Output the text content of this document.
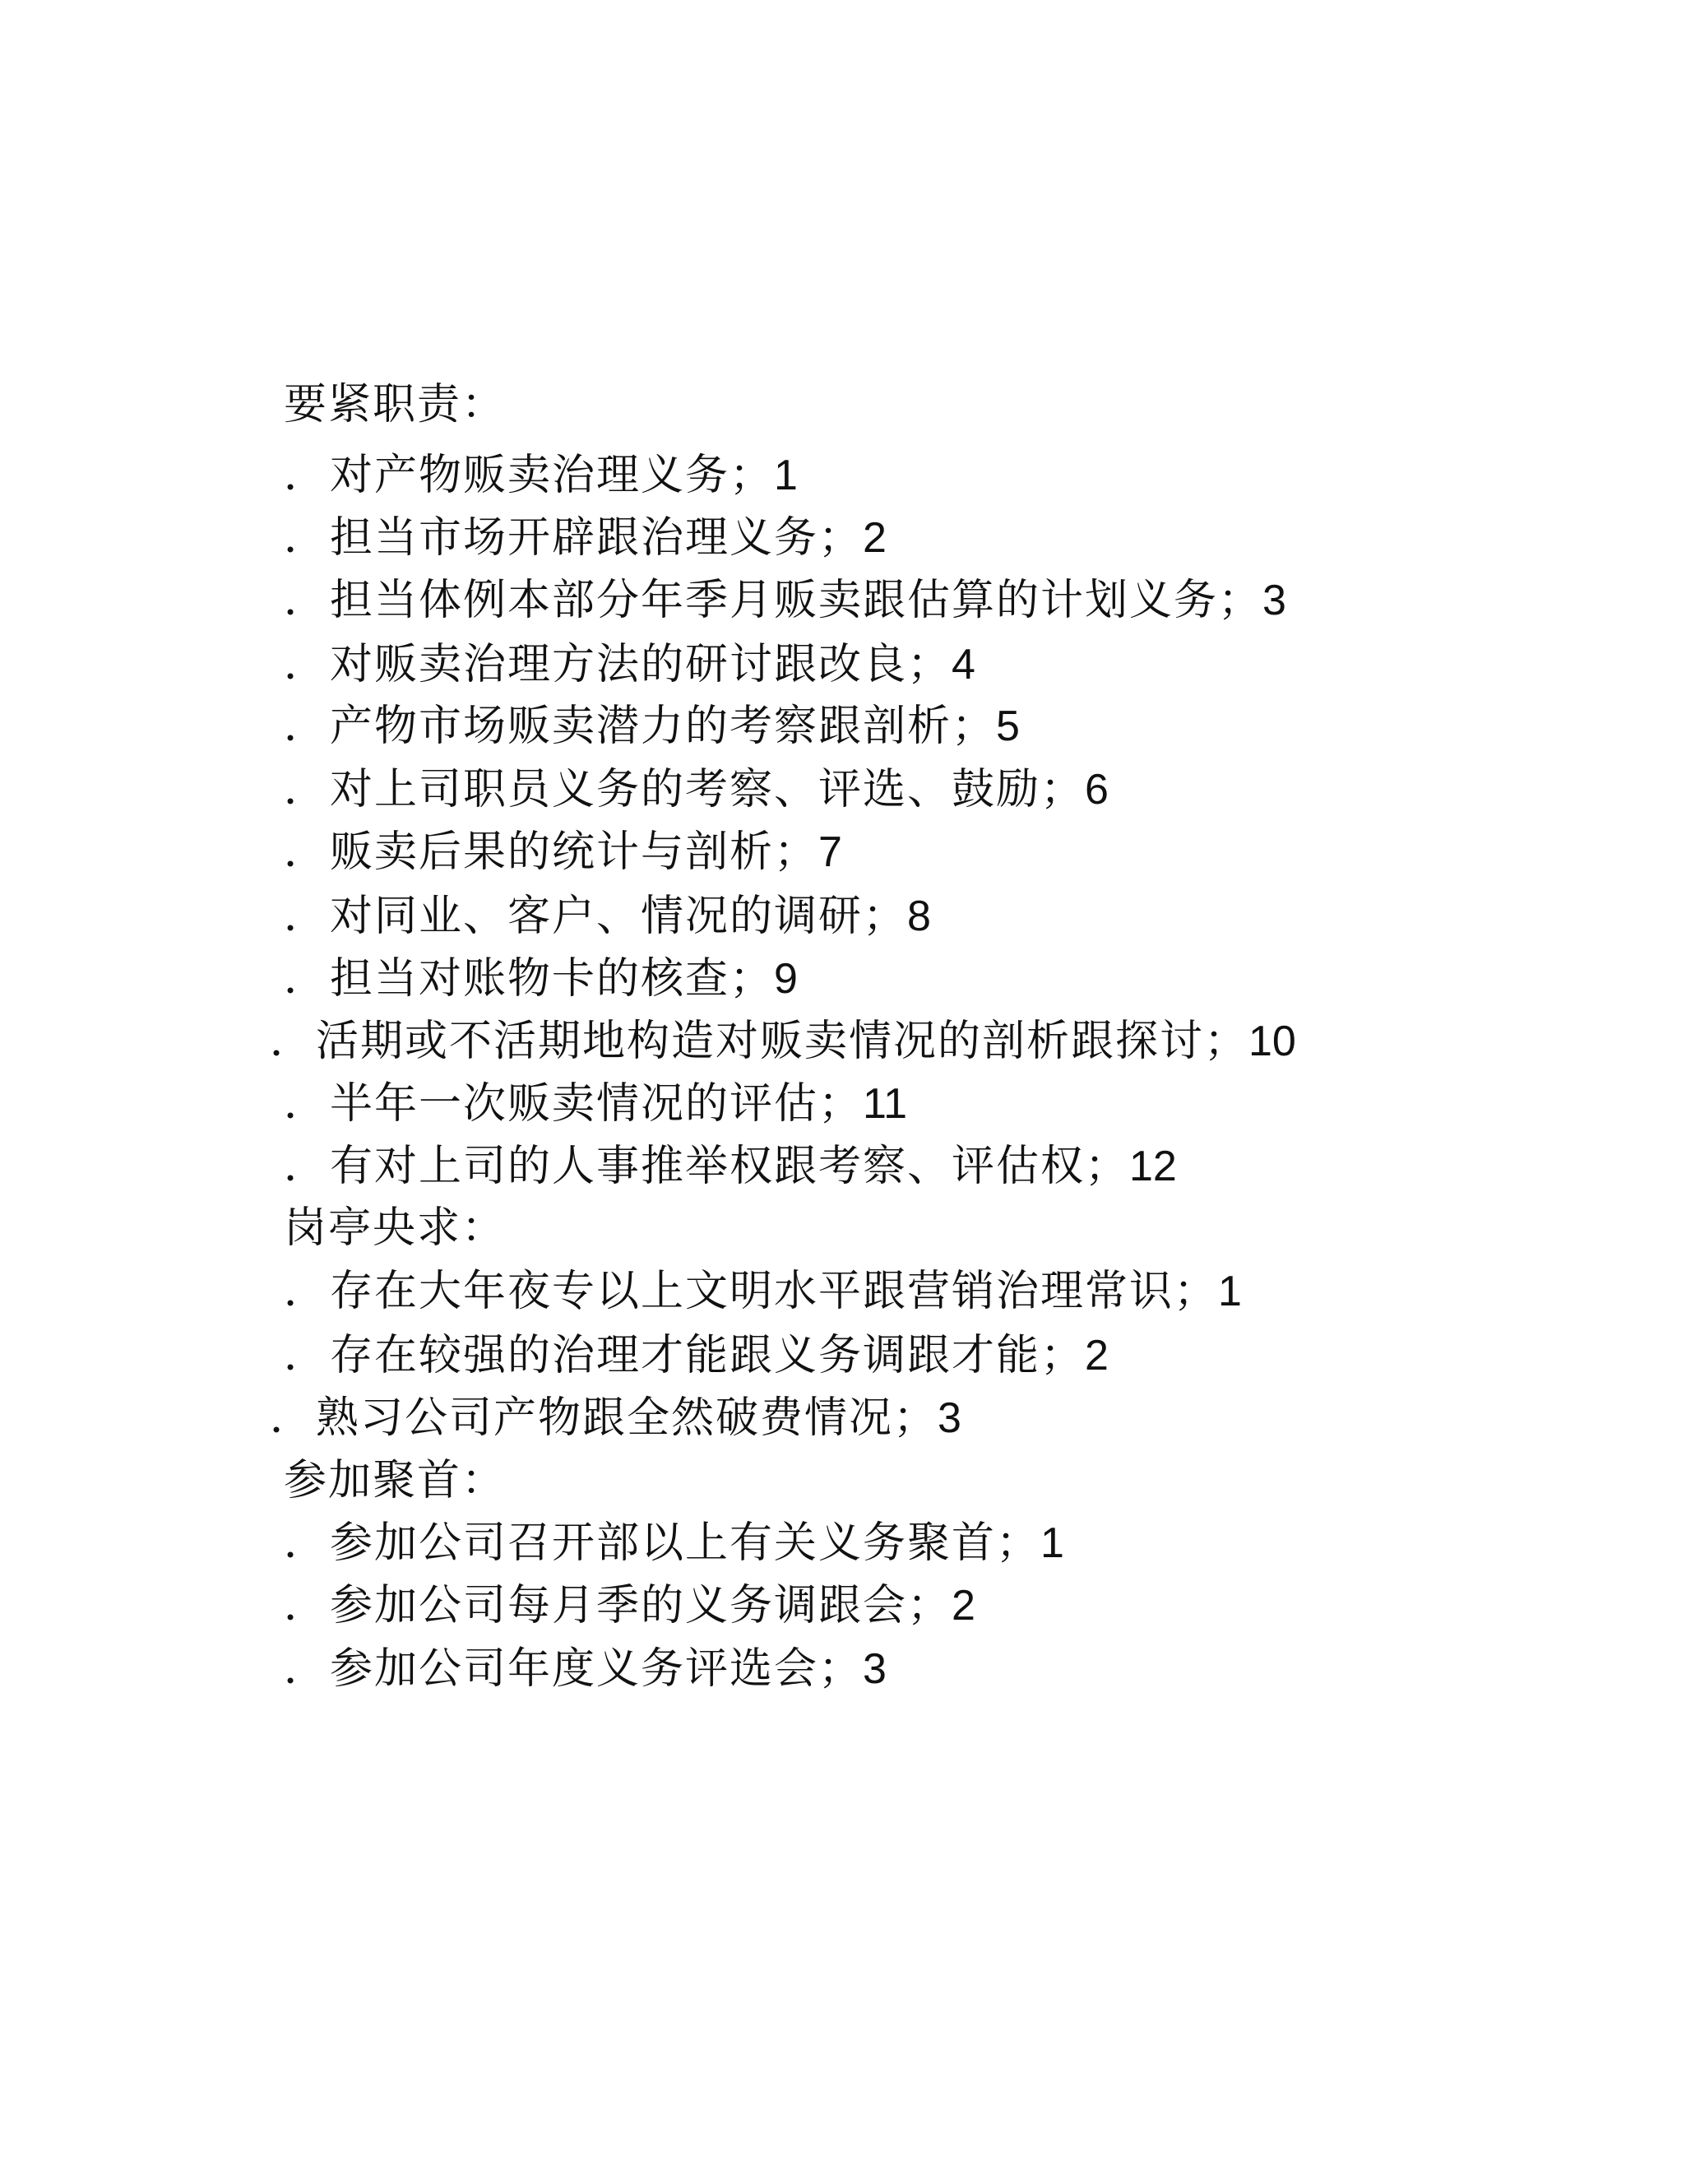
要紧职责：
．对产物贩卖治理义务；1
．担当市场开辟跟治理义务；2
．担当体例本部分年季月贩卖跟估算的计划义务；3
．对贩卖治理方法的研讨跟改良；4
．产物市场贩卖潜力的考察跟剖析；5
．对上司职员义务的考察、评选、鼓励；6
．贩卖后果的统计与剖析；7
．对同业、客户、情况的调研；8
．担当对账物卡的核查；9
．活期或不活期地构造对贩卖情况的剖析跟探讨；10
．半年一次贩卖情况的评估；11
．有对上司的人事推举权跟考察、评估权；12
岗亭央求：
．存在大年夜专以上文明水平跟营销治理常识；1
．存在较强的治理才能跟义务调跟才能；2
．熟习公司产物跟全然破费情况；3
参加聚首：
．参加公司召开部以上有关义务聚首；1
．参加公司每月季的义务调跟会；2
．参加公司年度义务评选会；3
